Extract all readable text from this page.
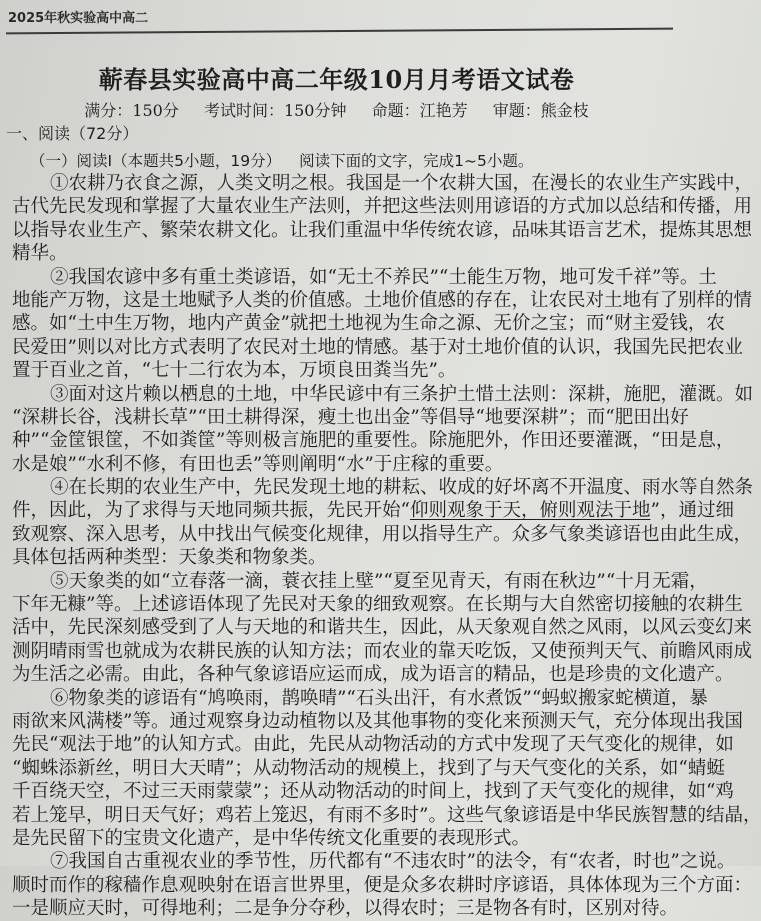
2025年秋实验高中高二
蕲春县实验高中高二年级10月月考语文试卷
满分：150分 考试时间：150分钟 命题：江艳芳 审题：熊金枝
一、阅读（72分）
（一）阅读Ⅰ（本题共5小题，19分） 阅读下面的文字，完成1~5小题。
①农耕乃衣食之源，人类文明之根。我国是一个农耕大国，在漫长的农业生产实践中，
古代先民发现和掌握了大量农业生产法则，并把这些法则用谚语的方式加以总结和传播，用
以指导农业生产、繁荣农耕文化。让我们重温中华传统农谚，品味其语言艺术，提炼其思想
精华。
②我国农谚中多有重土类谚语，如“无土不养民”“土能生万物，地可发千祥”等。土
地能产万物，这是土地赋予人类的价值感。土地价值感的存在，让农民对土地有了别样的情
感。如“土中生万物，地内产黄金”就把土地视为生命之源、无价之宝；而“财主爱钱，农
民爱田”则以对比方式表明了农民对土地的情感。基于对土地价值的认识，我国先民把农业
置于百业之首，“七十二行农为本，万顷良田粪当先”。
③面对这片赖以栖息的土地，中华民谚中有三条护土惜土法则：深耕，施肥，灌溉。如
“深耕长谷，浅耕长草”“田土耕得深，瘦土也出金”等倡导“地要深耕”；而“肥田出好
种”“金筐银筐，不如粪筐”等则极言施肥的重要性。除施肥外，作田还要灌溉，“田是息，
水是娘”“水利不修，有田也丢”等则阐明“水”于庄稼的重要。
④在长期的农业生产中，先民发现土地的耕耘、收成的好坏离不开温度、雨水等自然条
件，因此，为了求得与天地同频共振，先民开始“仰则观象于天，俯则观法于地”，通过细
致观察、深入思考，从中找出气候变化规律，用以指导生产。众多气象类谚语也由此生成，
具体包括两种类型：天象类和物象类。
⑤天象类的如“立春落一滴，蓑衣挂上壁”“夏至见青天，有雨在秋边”“十月无霜，
下年无糠”等。上述谚语体现了先民对天象的细致观察。在长期与大自然密切接触的农耕生
活中，先民深刻感受到了人与天地的和谐共生，因此，从天象观自然之风雨，以风云变幻来
测阴晴雨雪也就成为农耕民族的认知方法；而农业的靠天吃饭，又使预判天气、前瞻风雨成
为生活之必需。由此，各种气象谚语应运而成，成为语言的精品，也是珍贵的文化遗产。
⑥物象类的谚语有“鸠唤雨，鹊唤晴”“石头出汗，有水煮饭”“蚂蚁搬家蛇横道，暴
雨欲来风满楼”等。通过观察身边动植物以及其他事物的变化来预测天气，充分体现出我国
先民“观法于地”的认知方式。由此，先民从动物活动的方式中发现了天气变化的规律，如
“蜘蛛添新丝，明日大天晴”；从动物活动的规模上，找到了与天气变化的关系，如“蜻蜓
千百绕天空，不过三天雨蒙蒙”；还从动物活动的时间上，找到了天气变化的规律，如“鸡
若上笼早，明日天气好；鸡若上笼迟，有雨不多时”。这些气象谚语是中华民族智慧的结晶，
是先民留下的宝贵文化遗产，是中华传统文化重要的表现形式。
⑦我国自古重视农业的季节性，历代都有“不违农时”的法令，有“农者，时也”之说。
顺时而作的稼穑作息观映射在语言世界里，便是众多农耕时序谚语，具体体现为三个方面：
一是顺应天时，可得地利；二是争分夺秒，以得农时；三是物各有时，区别对待。
